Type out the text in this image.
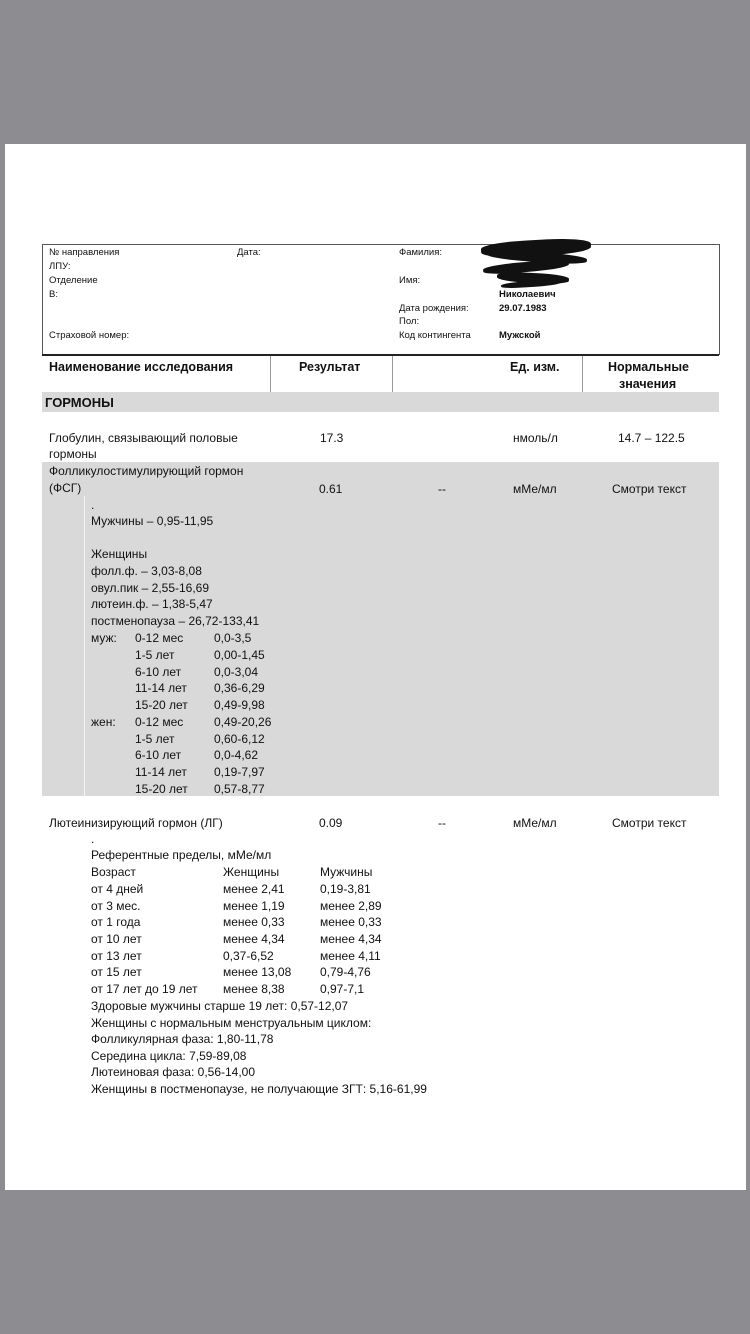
№ направления	Дата:
ЛПУ:
Отделение
В:
Страховой номер:
Фамилия:
Имя:
Николаевич
Дата рождения:	29.07.1983
Пол:
Код контингента	Мужской
Наименование исследования	Результат	Ед. изм.	Нормальные
значения
ГОРМОНЫ
Глобулин, связывающий половые
гормоны
17.3	нмоль/л	14.7 – 122.5
Фолликулостимулирующий гормон
(ФСГ)	0.61	--	мМе/мл	Смотри текст
.
Мужчины – 0,95-11,95
Женщины
фолл.ф. – 3,03-8,08
овул.пик – 2,55-16,69
лютеин.ф. – 1,38-5,47
постменопауза – 26,72-133,41
муж: 0-12 мес	0,0-3,5
1-5 лет	0,00-1,45
6-10 лет	0,0-3,04
11-14 лет 0,36-6,29
15-20 лет 0,49-9,98
жен: 0-12 мес	0,49-20,26
1-5 лет	0,60-6,12
6-10 лет	0,0-4,62
11-14 лет 0,19-7,97
15-20 лет 0,57-8,77
Лютеинизирующий гормон (ЛГ)	0.09	--	мМе/мл	Смотри текст
.
Референтные пределы, мМе/мл
Возраст	Женщины	Мужчины
от 4 дней	менее 2,41	0,19-3,81
от 3 мес.	менее 1,19	менее 2,89
от 1 года	менее 0,33	менее 0,33
от 10 лет	менее 4,34	менее 4,34
от 13 лет	0,37-6,52	менее 4,11
от 15 лет	менее 13,08 0,79-4,76
от 17 лет до 19 лет менее 8,38	0,97-7,1
Здоровые мужчины старше 19 лет: 0,57-12,07
Женщины с нормальным менструальным циклом:
Фолликулярная фаза: 1,80-11,78
Середина цикла: 7,59-89,08
Лютеиновая фаза: 0,56-14,00
Женщины в постменопаузе, не получающие ЗГТ: 5,16-61,99
